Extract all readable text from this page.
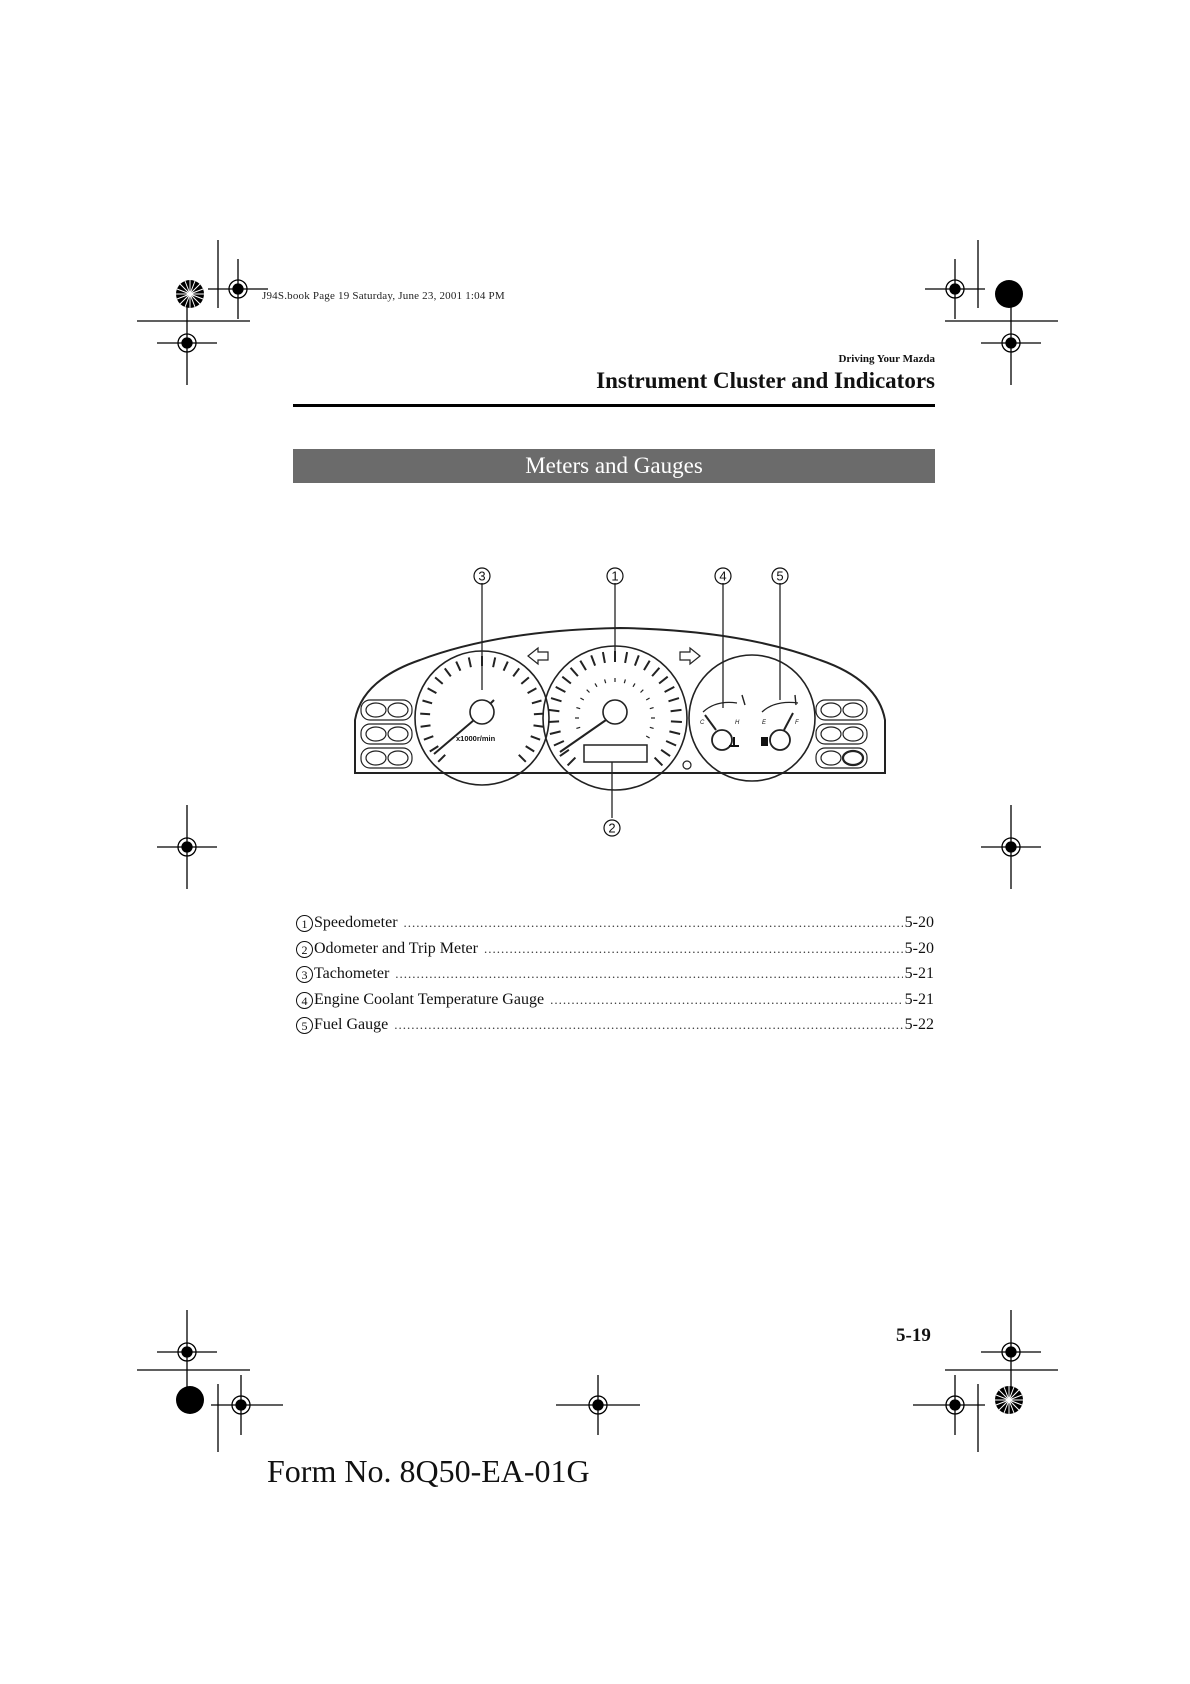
J94S.book Page 19 Saturday, June 23, 2001 1:04 PM
Driving Your Mazda
Instrument Cluster and Indicators
Meters and Gauges
x1000r/min
C	H	E	F
3	1	4	5
2
1 Speedometer .....	5-20
2 Odometer and Trip Meter .....	5-20
3 Tachometer .....	5-21
4 Engine Coolant Temperature Gauge .....	5-21
5 Fuel Gauge .....	5-22
5-19
Form No. 8Q50-EA-01G
